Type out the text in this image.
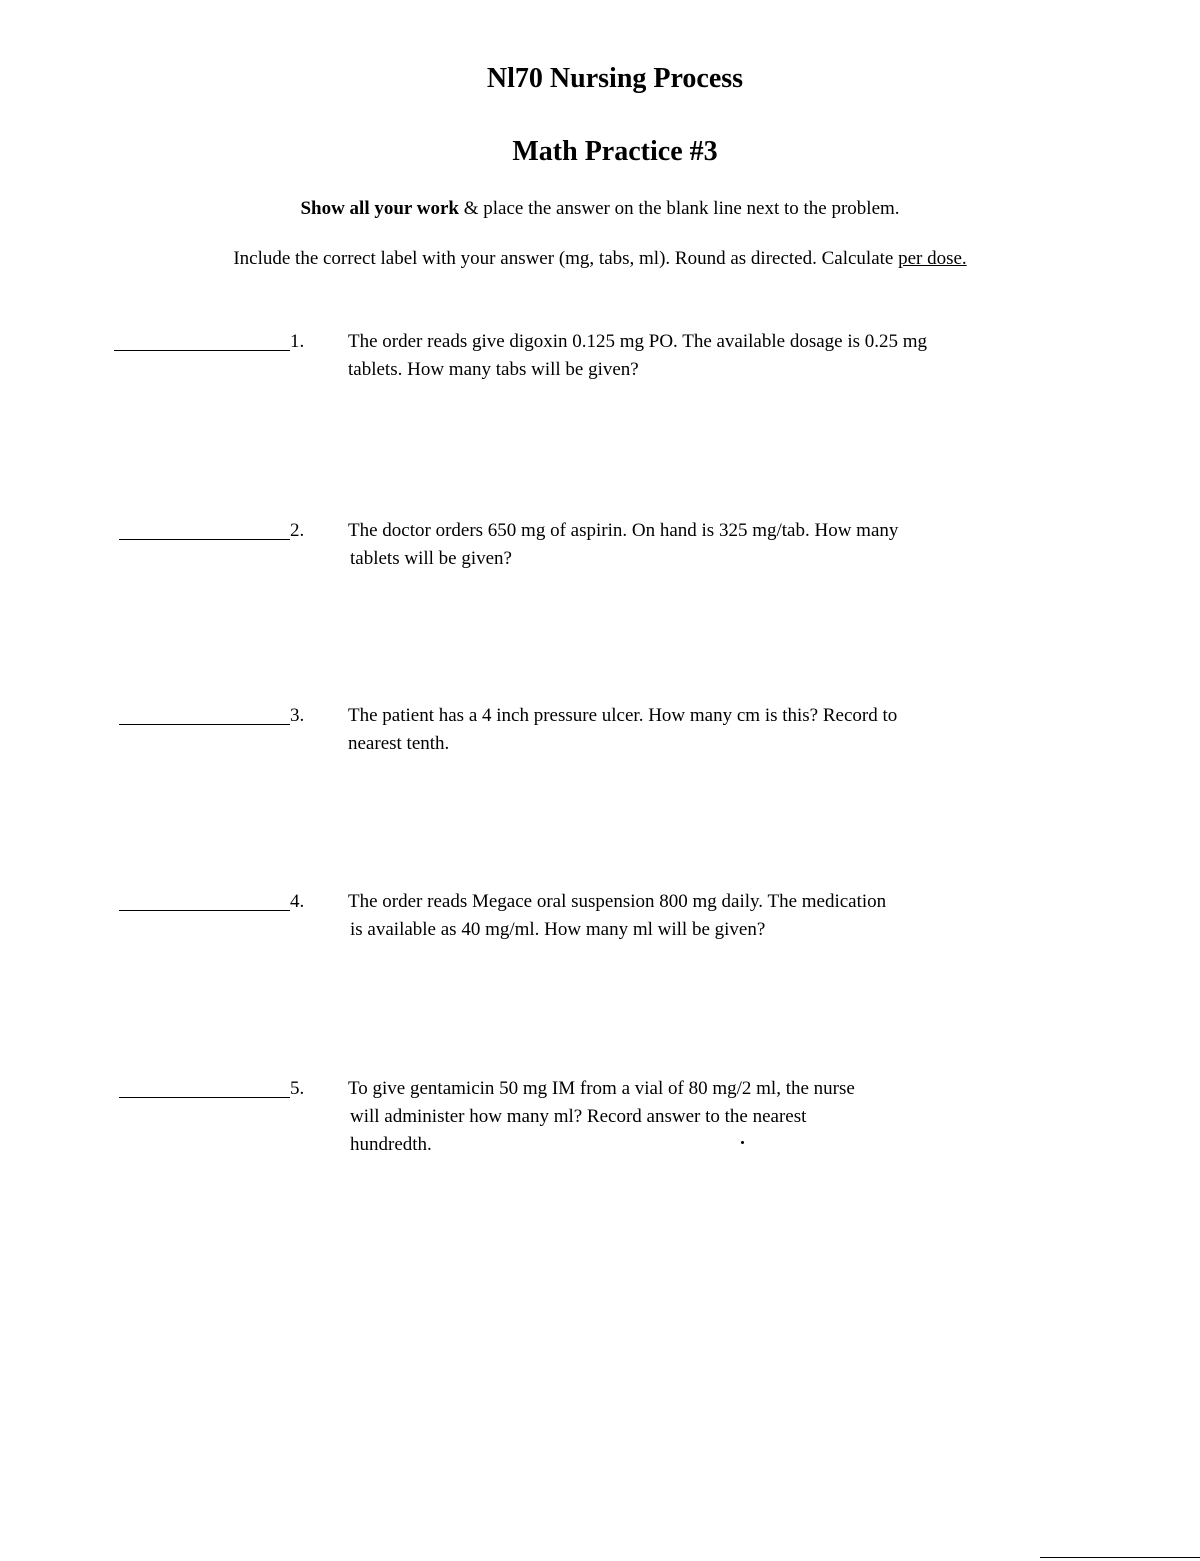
Nl70 Nursing Process
Math Practice #3

Show all your work & place the answer on the blank line next to the problem.

Include the correct label with your answer (mg, tabs, ml). Round as directed. Calculate per dose.

1. The order reads give digoxin 0.125 mg PO. The available dosage is 0.25 mg
tablets. How many tabs will be given?

2. The doctor orders 650 mg of aspirin. On hand is 325 mg/tab. How many
tablets will be given?

3. The patient has a 4 inch pressure ulcer. How many cm is this? Record to
nearest tenth.

4. The order reads Megace oral suspension 800 mg daily. The medication
is available as 40 mg/ml. How many ml will be given?

5. To give gentamicin 50 mg IM from a vial of 80 mg/2 ml, the nurse
will administer how many ml? Record answer to the nearest
hundredth.
